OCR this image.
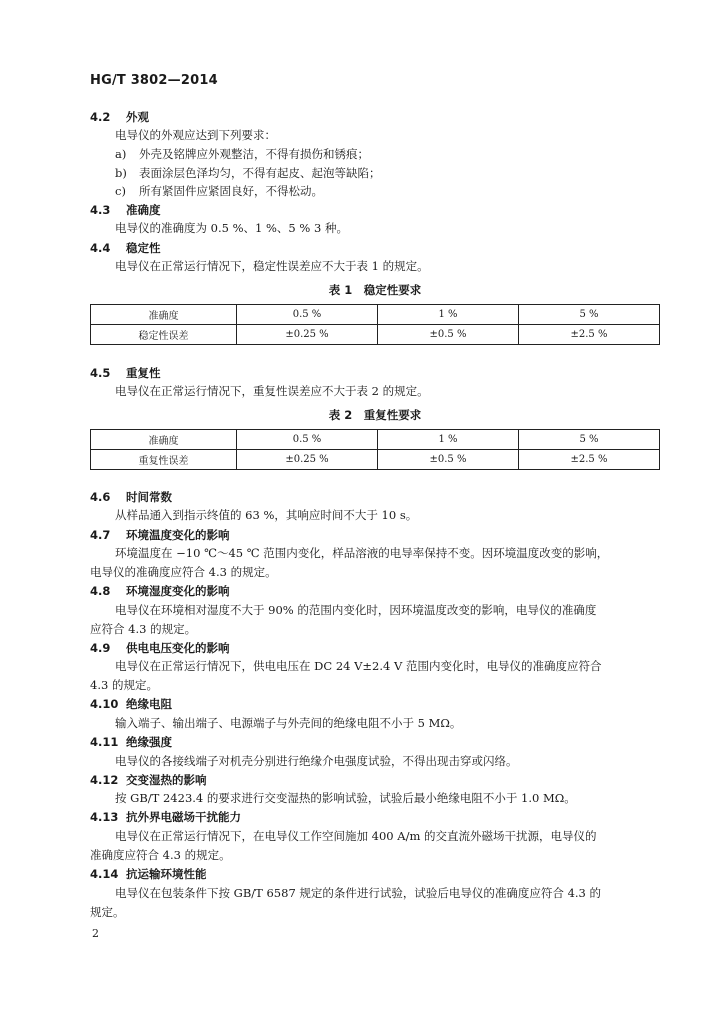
HG/T 3802—2014
4.2 外观
电导仪的外观应达到下列要求：
a) 外壳及铭牌应外观整洁，不得有损伤和锈痕；
b) 表面涂层色泽均匀，不得有起皮、起泡等缺陷；
c) 所有紧固件应紧固良好，不得松动。
4.3 准确度
电导仪的准确度为 0.5 %、1 %、5 % 3 种。
4.4 稳定性
电导仪在正常运行情况下，稳定性误差应不大于表 1 的规定。
表 1　稳定性要求
准确度	0.5 %	1 %	5 %
稳定性误差	±0.25 %	±0.5 %	±2.5 %
4.5 重复性
电导仪在正常运行情况下，重复性误差应不大于表 2 的规定。
表 2　重复性要求
准确度	0.5 %	1 %	5 %
重复性误差	±0.25 %	±0.5 %	±2.5 %
4.6 时间常数
从样品通入到指示终值的 63 %，其响应时间不大于 10 s。
4.7 环境温度变化的影响
环境温度在 −10 ℃～45 ℃ 范围内变化，样品溶液的电导率保持不变。因环境温度改变的影响，
电导仪的准确度应符合 4.3 的规定。
4.8 环境湿度变化的影响
电导仪在环境相对湿度不大于 90% 的范围内变化时，因环境温度改变的影响，电导仪的准确度
应符合 4.3 的规定。
4.9 供电电压变化的影响
电导仪在正常运行情况下，供电电压在 DC 24 V±2.4 V 范围内变化时，电导仪的准确度应符合
4.3 的规定。
4.10 绝缘电阻
输入端子、输出端子、电源端子与外壳间的绝缘电阻不小于 5 MΩ。
4.11 绝缘强度
电导仪的各接线端子对机壳分别进行绝缘介电强度试验，不得出现击穿或闪络。
4.12 交变湿热的影响
按 GB/T 2423.4 的要求进行交变湿热的影响试验，试验后最小绝缘电阻不小于 1.0 MΩ。
4.13 抗外界电磁场干扰能力
电导仪在正常运行情况下，在电导仪工作空间施加 400 A/m 的交直流外磁场干扰源，电导仪的
准确度应符合 4.3 的规定。
4.14 抗运输环境性能
电导仪在包装条件下按 GB/T 6587 规定的条件进行试验，试验后电导仪的准确度应符合 4.3 的
规定。
2
